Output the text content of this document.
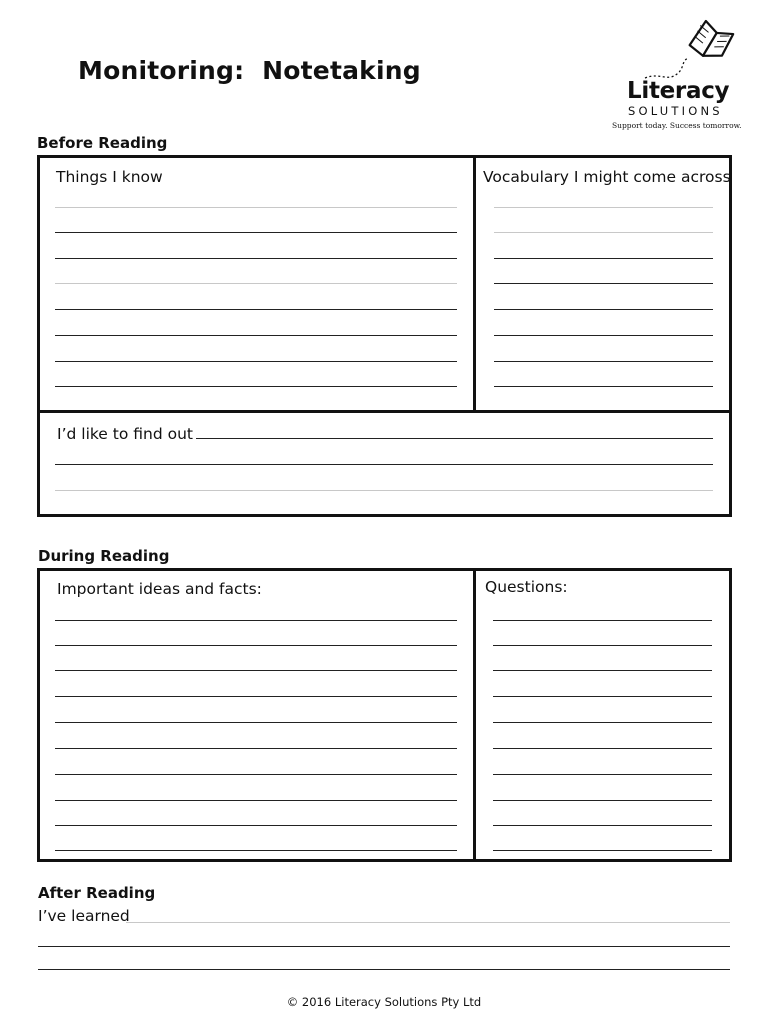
Monitoring:  Notetaking
Literacy
SOLUTIONS
Support today. Success tomorrow.
Before Reading
Things I know	Vocabulary I might come across
I’d like to find out
During Reading
Important ideas and facts:	Questions:
After Reading
I’ve learned
© 2016 Literacy Solutions Pty Ltd
